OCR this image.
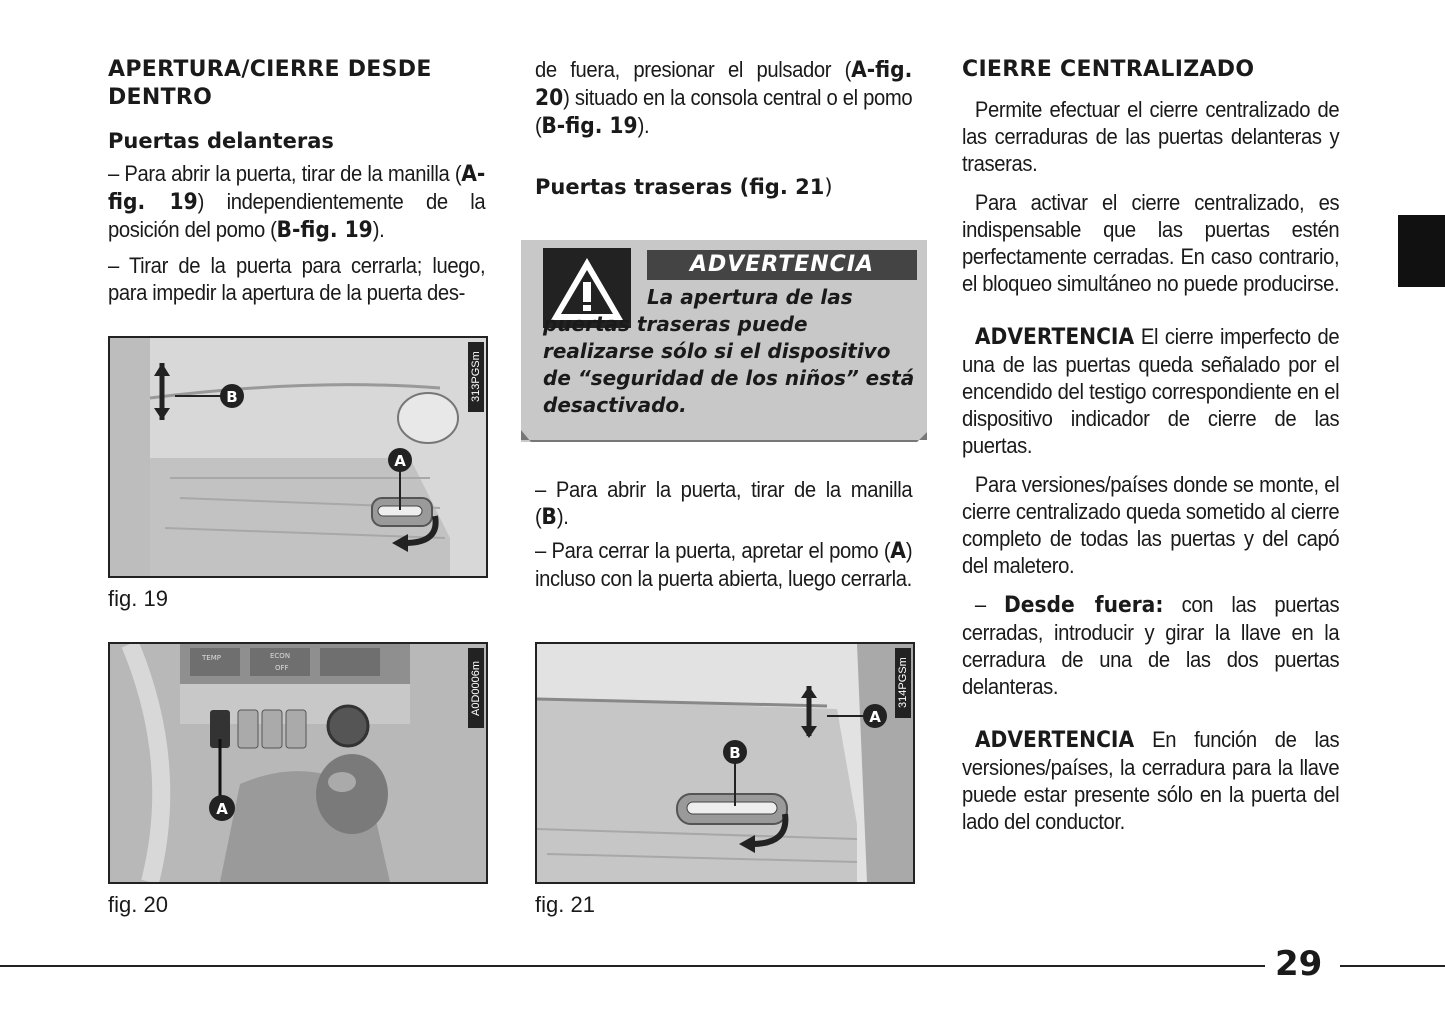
APERTURA/CIERRE DESDE
DENTRO
Puertas delanteras

– Para abrir la puerta, tirar de la manilla (A-fig. 19) independientemente de la posición del pomo (B-fig. 19).

– Tirar de la puerta para cerrarla; luego, para impedir la apertura de la puerta des-

B
A
313PGSm
fig. 19
TEMP	ECON
OFF
A
A0D0006m
fig. 20

de fuera, presionar el pulsador (A-fig. 20) situado en la consola central o el pomo (B-fig. 19).

Puertas traseras (fig. 21)
ADVERTENCIA
La apertura de las puertas traseras puede realizarse sólo si el dispositivo de “seguridad de los niños” está desactivado.

– Para abrir la puerta, tirar de la manilla (B).

– Para cerrar la puerta, apretar el pomo (A) incluso con la puerta abierta, luego cerrarla.

A
B
314PGSm
fig. 21
CIERRE CENTRALIZADO

Permite efectuar el cierre centralizado de las cerraduras de las puertas delanteras y traseras.

Para activar el cierre centralizado, es indispensable que las puertas estén perfectamente cerradas. En caso contrario, el bloqueo simultáneo no puede producirse.

ADVERTENCIA El cierre imperfecto de una de las puertas queda señalado por el encendido del testigo correspondiente en el dispositivo indicador de cierre de las puertas.

Para versiones/países donde se monte, el cierre centralizado queda sometido al cierre completo de todas las puertas y del capó del maletero.

– Desde fuera: con las puertas cerradas, introducir y girar la llave en la cerradura de una de las dos puertas delanteras.

ADVERTENCIA En función de las versiones/países, la cerradura para la llave puede estar presente sólo en la puerta del lado del conductor.

29
